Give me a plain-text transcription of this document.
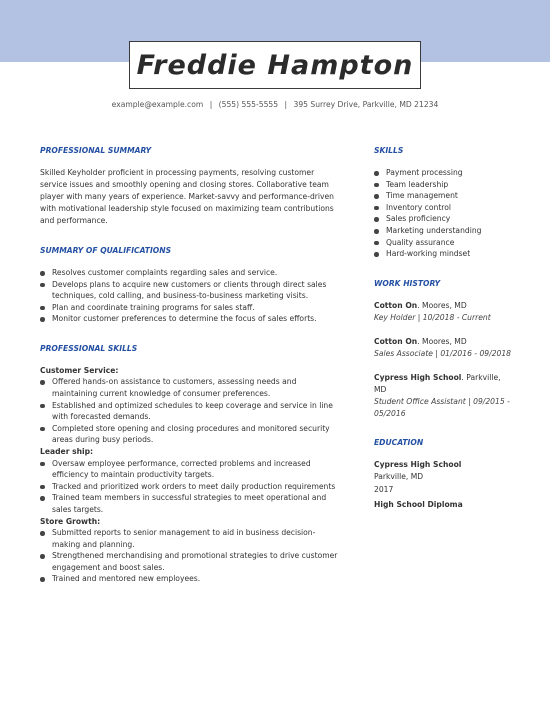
Freddie Hampton
example@example.com | (555) 555-5555 | 395 Surrey Drive, Parkville, MD 21234
PROFESSIONAL SUMMARY

Skilled Keyholder proficient in processing payments, resolving customer service issues and smoothly opening and closing stores. Collaborative team player with many years of experience. Market-savvy and performance-driven with motivational leadership style focused on maximizing team contributions and performance.

SUMMARY OF QUALIFICATIONS
Resolves customer complaints regarding sales and service.
Develops plans to acquire new customers or clients through direct sales techniques, cold calling, and business-to-business marketing visits.
Plan and coordinate training programs for sales staff.
Monitor customer preferences to determine the focus of sales efforts.
PROFESSIONAL SKILLS
Customer Service:
Offered hands-on assistance to customers, assessing needs and maintaining current knowledge of consumer preferences.
Established and optimized schedules to keep coverage and service in line with forecasted demands.
Completed store opening and closing procedures and monitored security areas during busy periods.
Leader ship:
Oversaw employee performance, corrected problems and increased efficiency to maintain productivity targets.
Tracked and prioritized work orders to meet daily production requirements
Trained team members in successful strategies to meet operational and sales targets.
Store Growth:
Submitted reports to senior management to aid in business decision-making and planning.
Strengthened merchandising and promotional strategies to drive customer engagement and boost sales.
Trained and mentored new employees.
SKILLS
Payment processing
Team leadership
Time management
Inventory control
Sales proficiency
Marketing understanding
Quality assurance
Hard-working mindset
WORK HISTORY
Cotton On. Moores, MD
Key Holder | 10/2018 - Current
Cotton On. Moores, MD
Sales Associate | 01/2016 - 09/2018
Cypress High School. Parkville, MD
Student Office Assistant | 09/2015 - 05/2016
EDUCATION
Cypress High School
Parkville, MD
2017
High School Diploma
